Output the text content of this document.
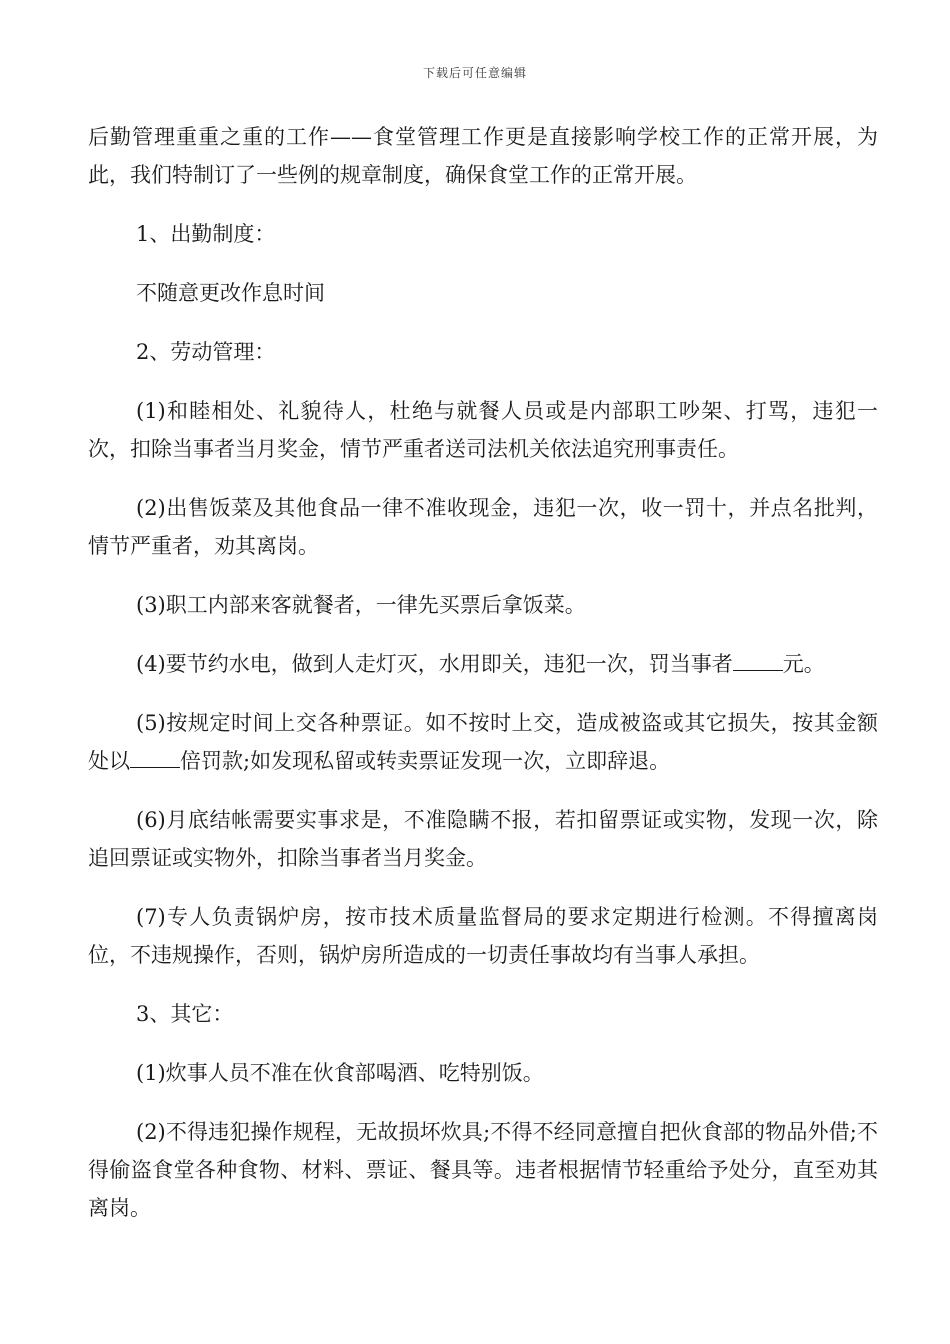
下载后可任意编辑

后勤管理重重之重的工作——食堂管理工作更是直接影响学校工作的正常开展，为此，我们特制订了一些例的规章制度，确保食堂工作的正常开展。

1、出勤制度：

不随意更改作息时间

2、劳动管理：

(1)和睦相处、礼貌待人，杜绝与就餐人员或是内部职工吵架、打骂，违犯一次，扣除当事者当月奖金，情节严重者送司法机关依法追究刑事责任。

(2)出售饭菜及其他食品一律不准收现金，违犯一次，收一罚十，并点名批判，情节严重者，劝其离岗。

(3)职工内部来客就餐者，一律先买票后拿饭菜。

(4)要节约水电，做到人走灯灭，水用即关，违犯一次，罚当事者 元。

(5)按规定时间上交各种票证。如不按时上交，造成被盗或其它损失，按其金额处以 倍罚款;如发现私留或转卖票证发现一次，立即辞退。

(6)月底结帐需要实事求是，不准隐瞒不报，若扣留票证或实物，发现一次，除追回票证或实物外，扣除当事者当月奖金。

(7)专人负责锅炉房，按市技术质量监督局的要求定期进行检测。不得擅离岗位，不违规操作，否则，锅炉房所造成的一切责任事故均有当事人承担。

3、其它：

(1)炊事人员不准在伙食部喝酒、吃特别饭。

(2)不得违犯操作规程，无故损坏炊具;不得不经同意擅自把伙食部的物品外借;不得偷盗食堂各种食物、材料、票证、餐具等。违者根据情节轻重给予处分，直至劝其离岗。
